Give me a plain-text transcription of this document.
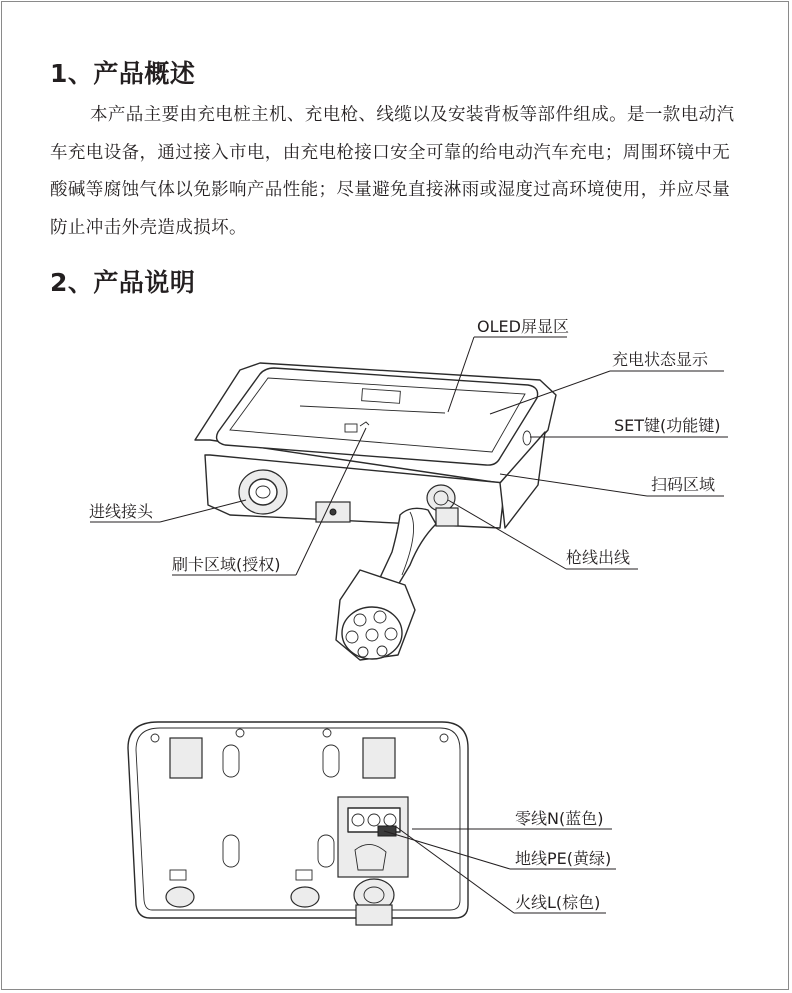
1、产品概述

本产品主要由充电桩主机、充电枪、线缆以及安装背板等部件组成。是一款电动汽车充电设备，通过接入市电，由充电枪接口安全可靠的给电动汽车充电；周围环镜中无酸碱等腐蚀气体以免影响产品性能；尽量避免直接淋雨或湿度过高环境使用，并应尽量防止冲击外壳造成损坏。

2、产品说明
OLED屏显区
充电状态显示
SET键(功能键)
扫码区域
进线接头
刷卡区域(授权)	枪线出线
零线N(蓝色)
地线PE(黄绿)
火线L(棕色)
